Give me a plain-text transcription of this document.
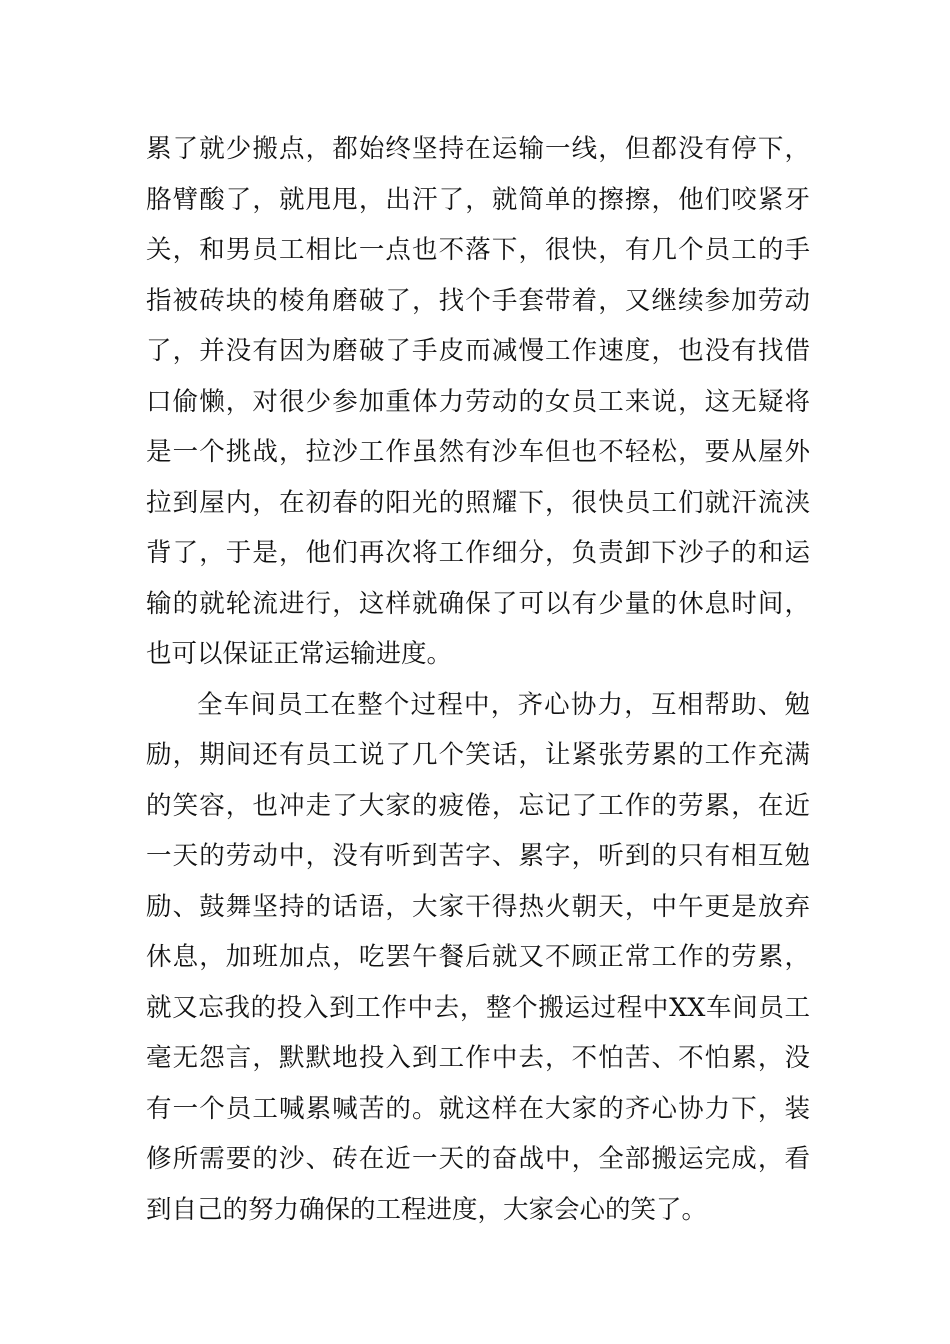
累了就少搬点，都始终坚持在运输一线，但都没有停下，
胳臂酸了，就甩甩，出汗了，就简单的擦擦，他们咬紧牙
关，和男员工相比一点也不落下，很快，有几个员工的手
指被砖块的棱角磨破了，找个手套带着，又继续参加劳动
了，并没有因为磨破了手皮而减慢工作速度，也没有找借
口偷懒，对很少参加重体力劳动的女员工来说，这无疑将
是一个挑战，拉沙工作虽然有沙车但也不轻松，要从屋外
拉到屋内，在初春的阳光的照耀下，很快员工们就汗流浃
背了，于是，他们再次将工作细分，负责卸下沙子的和运
输的就轮流进行，这样就确保了可以有少量的休息时间，
也可以保证正常运输进度。
全车间员工在整个过程中，齐心协力，互相帮助、勉
励，期间还有员工说了几个笑话，让紧张劳累的工作充满
的笑容，也冲走了大家的疲倦，忘记了工作的劳累，在近
一天的劳动中，没有听到苦字、累字，听到的只有相互勉
励、鼓舞坚持的话语，大家干得热火朝天，中午更是放弃
休息，加班加点，吃罢午餐后就又不顾正常工作的劳累，
就又忘我的投入到工作中去，整个搬运过程中XX车间员工
毫无怨言，默默地投入到工作中去，不怕苦、不怕累，没
有一个员工喊累喊苦的。就这样在大家的齐心协力下，装
修所需要的沙、砖在近一天的奋战中，全部搬运完成，看
到自己的努力确保的工程进度，大家会心的笑了。
